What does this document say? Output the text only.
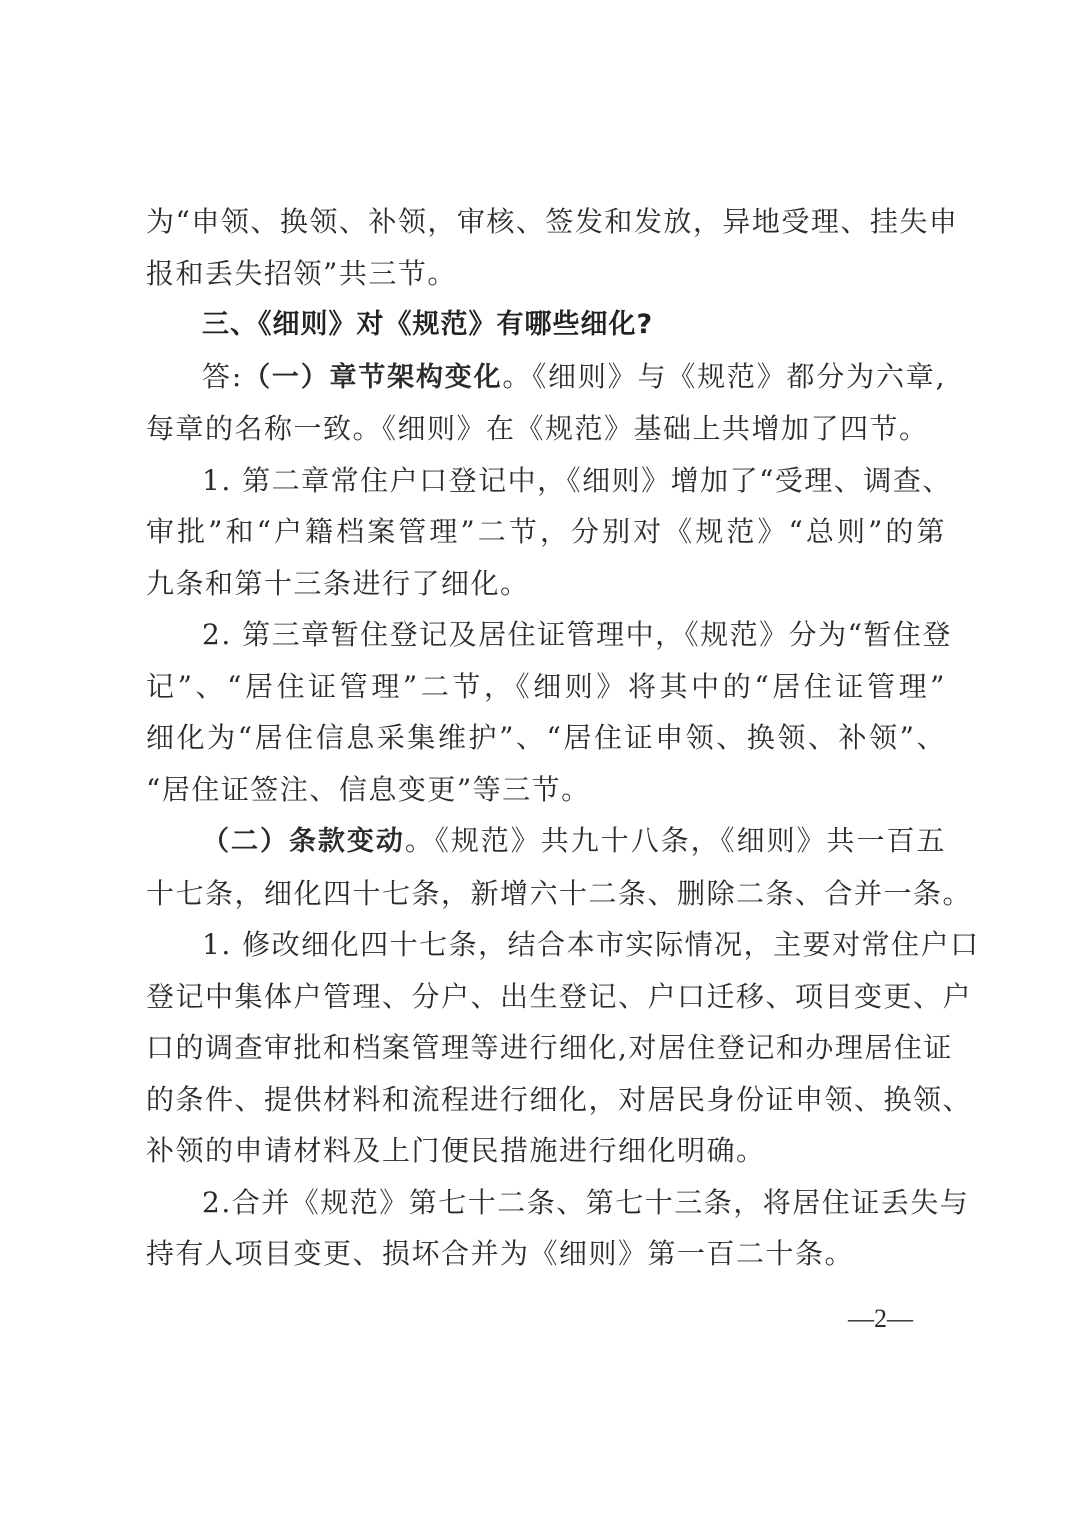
为“申领、换领、补领，审核、签发和发放，异地受理、挂失申
报和丢失招领”共三节。

三、《细则》对《规范》有哪些细化?

答:（一）章节架构变化。《细则》与《规范》都分为六章,
每章的名称一致。《细则》在《规范》基础上共增加了四节。

1. 第二章常住户口登记中，《细则》增加了“受理、调查、
审批”和“户籍档案管理”二节，分别对《规范》“总则”的第
九条和第十三条进行了细化。

2. 第三章暂住登记及居住证管理中，《规范》分为“暂住登
记”、“居住证管理”二节，《细则》将其中的“居住证管理”
细化为“居住信息采集维护”、“居住证申领、换领、补领”、
“居住证签注、信息变更”等三节。

（二）条款变动。《规范》共九十八条，《细则》共一百五
十七条，细化四十七条，新增六十二条、删除二条、合并一条。

1. 修改细化四十七条，结合本市实际情况，主要对常住户口
登记中集体户管理、分户、出生登记、户口迁移、项目变更、户
口的调查审批和档案管理等进行细化,对居住登记和办理居住证
的条件、提供材料和流程进行细化，对居民身份证申领、换领、
补领的申请材料及上门便民措施进行细化明确。

2.合并《规范》第七十二条、第七十三条，将居住证丢失与
持有人项目变更、损坏合并为《细则》第一百二十条。

—2—
